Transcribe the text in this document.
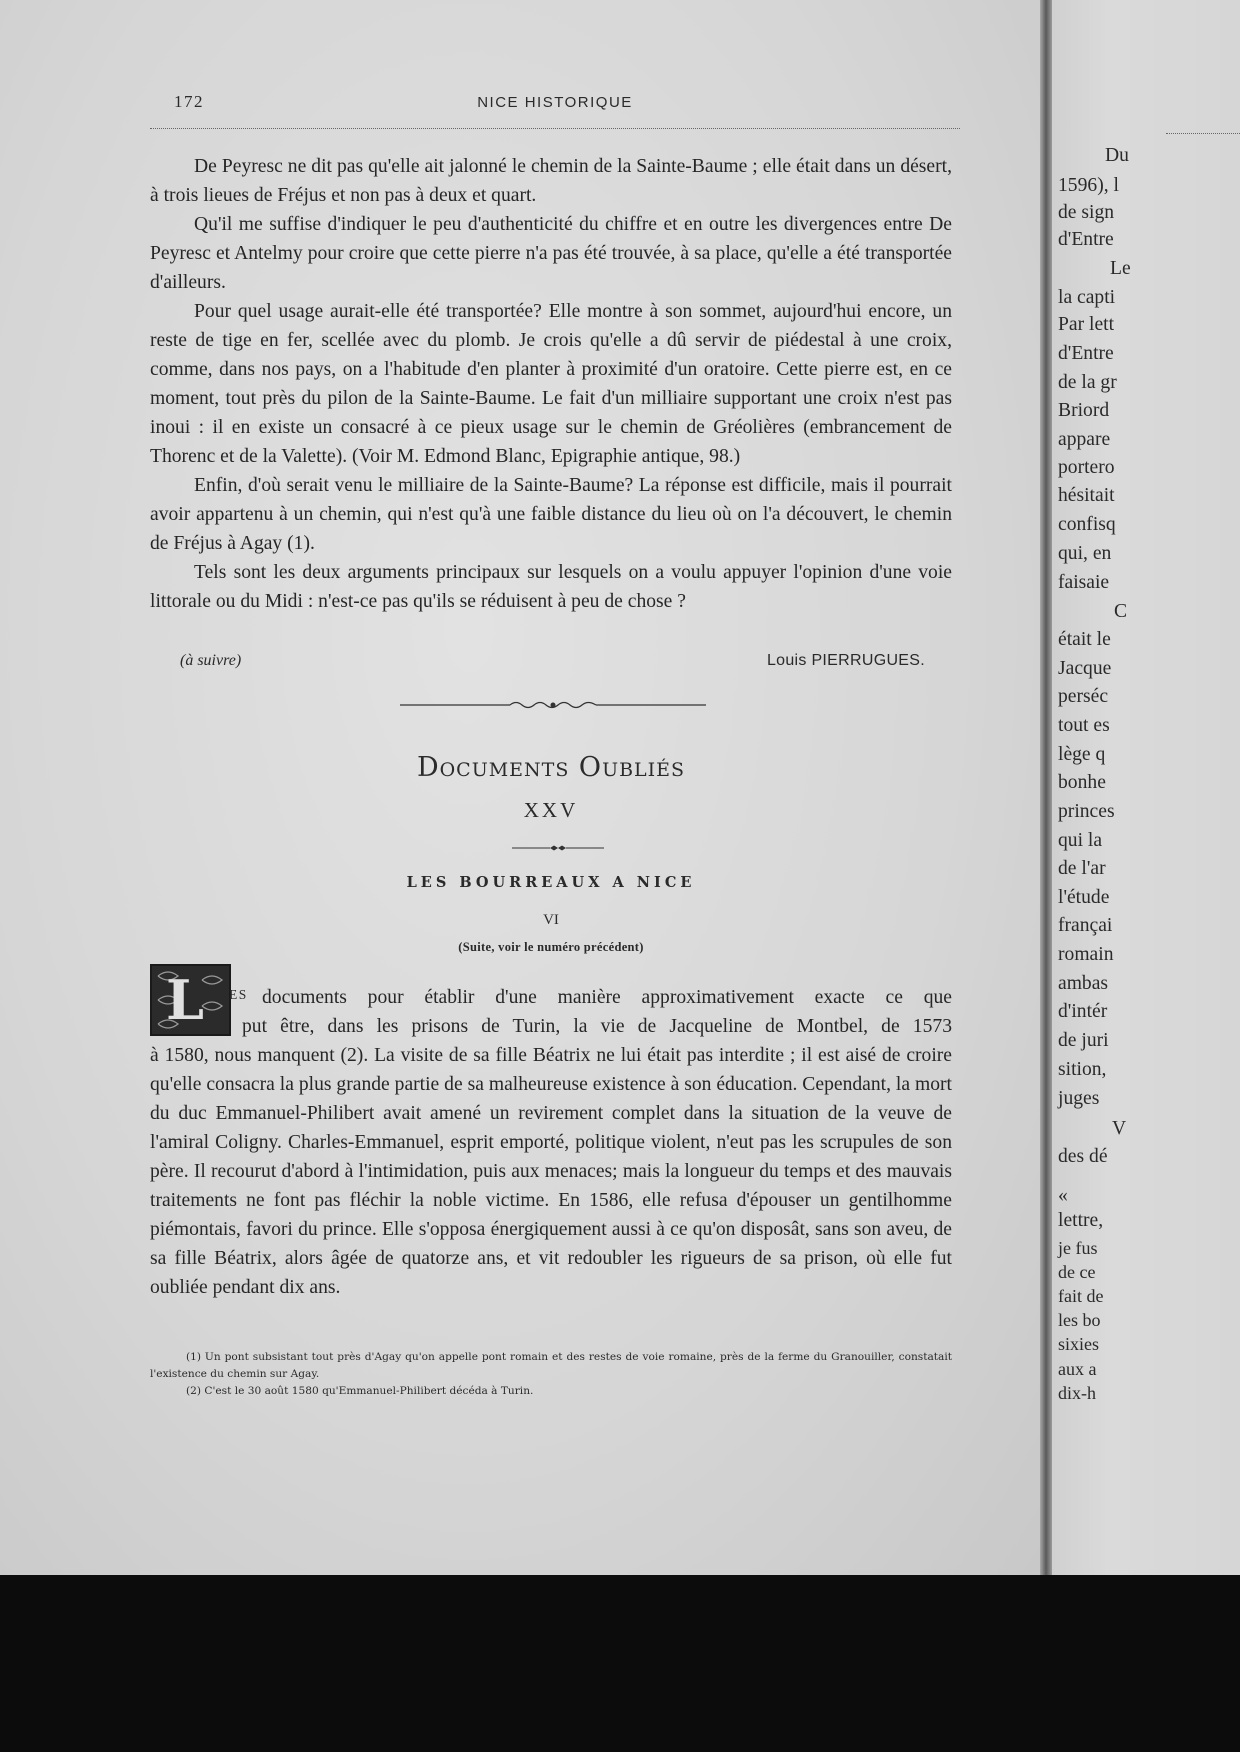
172	NICE HISTORIQUE

De Peyresc ne dit pas qu'elle ait jalonné le chemin de la Sainte-Baume ; elle était dans un désert, à trois lieues de Fréjus et non pas à deux et quart.

Qu'il me suffise d'indiquer le peu d'authenticité du chiffre et en outre les divergences entre De Peyresc et Antelmy pour croire que cette pierre n'a pas été trouvée, à sa place, qu'elle a été transportée d'ailleurs.

Pour quel usage aurait-elle été transportée? Elle montre à son sommet, aujourd'hui encore, un reste de tige en fer, scellée avec du plomb. Je crois qu'elle a dû servir de piédestal à une croix, comme, dans nos pays, on a l'habitude d'en planter à proximité d'un oratoire. Cette pierre est, en ce moment, tout près du pilon de la Sainte-Baume. Le fait d'un milliaire supportant une croix n'est pas inoui : il en existe un consacré à ce pieux usage sur le chemin de Gréolières (embrancement de Thorenc et de la Valette). (Voir M. Edmond Blanc, Epigraphie antique, 98.)

Enfin, d'où serait venu le milliaire de la Sainte-Baume? La réponse est difficile, mais il pourrait avoir appartenu à un chemin, qui n'est qu'à une faible distance du lieu où on l'a découvert, le chemin de Fréjus à Agay (1).

Tels sont les deux arguments principaux sur lesquels on a voulu appuyer l'opinion d'une voie littorale ou du Midi : n'est-ce pas qu'ils se réduisent à peu de chose ?

(à suivre)	Louis PIERRUGUES.
Documents Oubliés
XXV
LES BOURREAUX A NICE
VI
(Suite, voir le numéro précédent)
L ES documents pour établir d'une manière approximativement exacte ce que
put être, dans les prisons de Turin, la vie de Jacqueline de Montbel, de 1573

à 1580, nous manquent (2). La visite de sa fille Béatrix ne lui était pas interdite ; il est aisé de croire qu'elle consacra la plus grande partie de sa malheureuse existence à son éducation. Cependant, la mort du duc Emmanuel-Philibert avait amené un revirement complet dans la situation de la veuve de l'amiral Coligny. Charles-Emmanuel, esprit emporté, politique violent, n'eut pas les scrupules de son père. Il recourut d'abord à l'intimidation, puis aux menaces; mais la longueur du temps et des mauvais traitements ne font pas fléchir la noble victime. En 1586, elle refusa d'épouser un gentilhomme piémontais, favori du prince. Elle s'opposa énergiquement aussi à ce qu'on disposât, sans son aveu, de sa fille Béatrix, alors âgée de quatorze ans, et vit redoubler les rigueurs de sa prison, où elle fut oubliée pendant dix ans.

(1) Un pont subsistant tout près d'Agay qu'on appelle pont romain et des restes de voie romaine, près de la ferme du Granouiller, constatait l'existence du chemin sur Agay.

(2) C'est le 30 août 1580 qu'Emmanuel-Philibert décéda à Turin.

Du
1596), l
de sign
d'Entre
Le
la capti
Par lett
d'Entre
de la gr
Briord
appare
portero
hésitait
confisq
qui, en
faisaie
C
était le
Jacque
perséc
tout es
lège q
bonhe
princes
qui la
de l'ar
l'étude
françai
romain
ambas
d'intér
de juri
sition,
juges
V
des dé
«
lettre,
je fus
de ce
fait de
les bo
sixies
aux a
dix-h
